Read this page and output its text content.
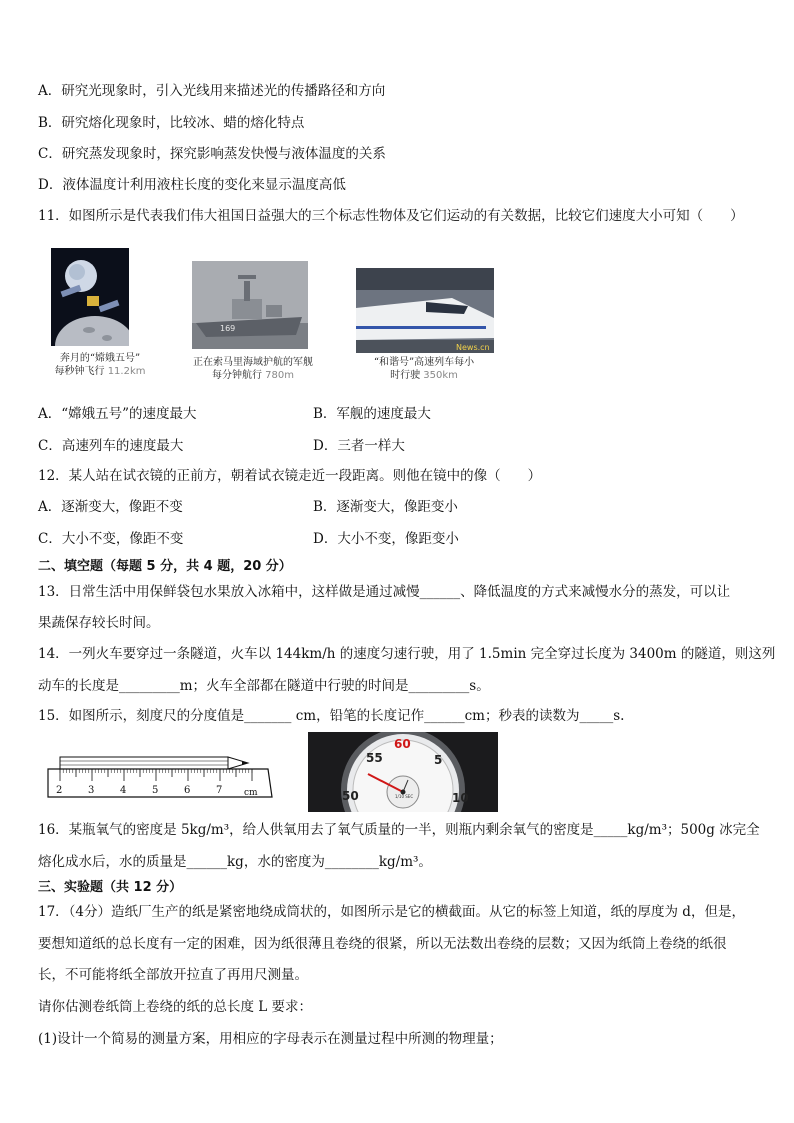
A．研究光现象时，引入光线用来描述光的传播路径和方向
B．研究熔化现象时，比较冰、蜡的熔化特点
C．研究蒸发现象时，探究影响蒸发快慢与液体温度的关系
D．液体温度计利用液柱长度的变化来显示温度高低
11．如图所示是代表我们伟大祖国日益强大的三个标志性物体及它们运动的有关数据，比较它们速度大小可知（　　）
奔月的“嫦娥五号”
每秒钟飞行 11.2km
169
正在索马里海域护航的军舰
每分钟航行 780m
News.cn
“和谐号”高速列车每小
时行驶 350km
A．“嫦娥五号”的速度最大	B．军舰的速度最大
C．高速列车的速度最大	D．三者一样大
12．某人站在试衣镜的正前方，朝着试衣镜走近一段距离。则他在镜中的像（　　）
A．逐渐变大，像距不变	B．逐渐变大，像距变小
C．大小不变，像距不变	D．大小不变，像距变小
二、填空题（每题 5 分，共 4 题，20 分）
13．日常生活中用保鲜袋包水果放入冰箱中，这样做是通过减慢______、降低温度的方式来减慢水分的蒸发，可以让
果蔬保存较长时间。
14．一列火车要穿过一条隧道，火车以 144km/h 的速度匀速行驶，用了 1.5min 完全穿过长度为 3400m 的隧道，则这列
动车的长度是_________m；火车全部都在隧道中行驶的时间是_________s。
15．如图所示，刻度尺的分度值是_______ cm，铅笔的长度记作______cm；秒表的读数为_____s.
2	3	4	5	6	7 cm
55
60
5
50	10
1/10 SEC
16．某瓶氧气的密度是 5kg/m³，给人供氧用去了氧气质量的一半，则瓶内剩余氧气的密度是_____kg/m³；500g 冰完全
熔化成水后，水的质量是______kg，水的密度为________kg/m³。
三、实验题（共 12 分）
17．（4分）造纸厂生产的纸是紧密地绕成筒状的，如图所示是它的横截面。从它的标签上知道，纸的厚度为 d，但是，
要想知道纸的总长度有一定的困难，因为纸很薄且卷绕的很紧，所以无法数出卷绕的层数；又因为纸筒上卷绕的纸很
长，不可能将纸全部放开拉直了再用尺测量。
请你估测卷纸筒上卷绕的纸的总长度 L 要求：
(1)设计一个简易的测量方案，用相应的字母表示在测量过程中所测的物理量；
